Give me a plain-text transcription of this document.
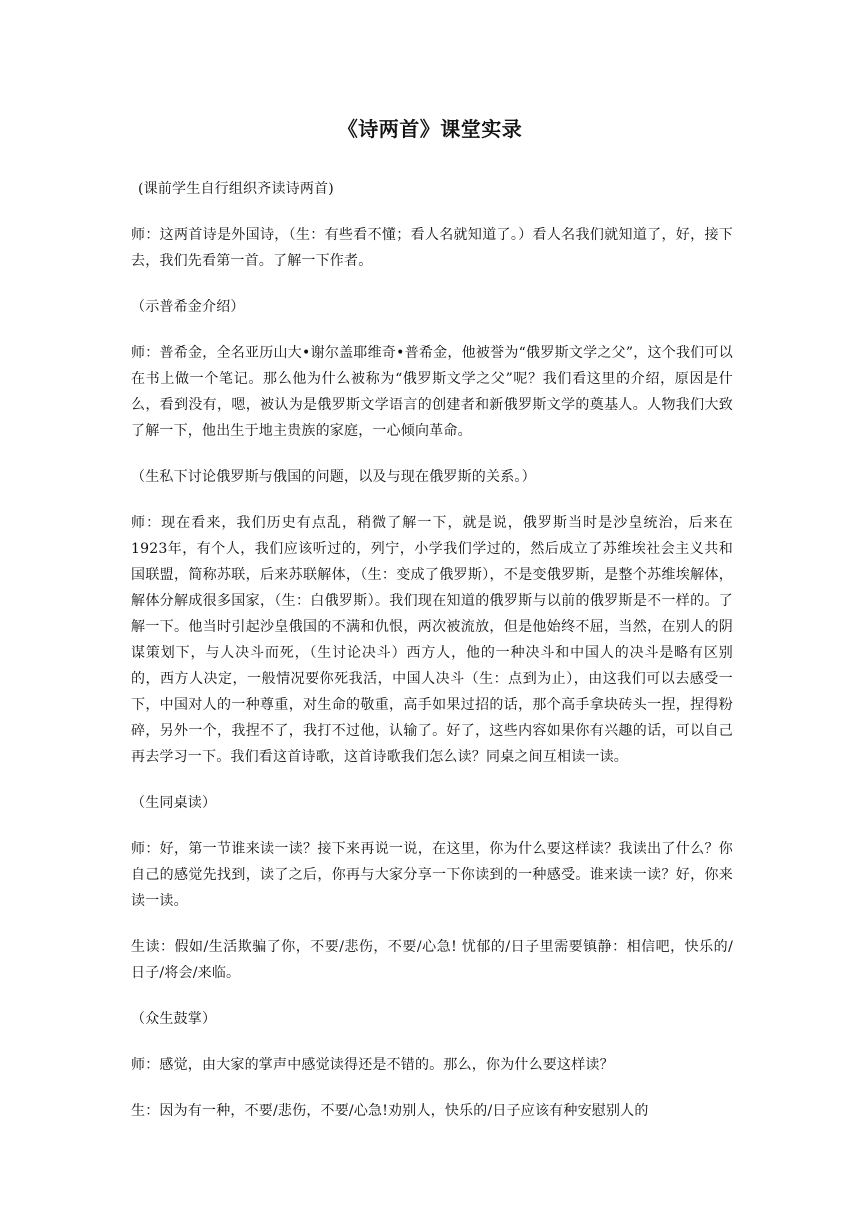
《诗两首》课堂实录

(课前学生自行组织齐读诗两首)

师：这两首诗是外国诗，（生：有些看不懂；看人名就知道了。）看人名我们就知道了，好，接下去，我们先看第一首。了解一下作者。

（示普希金介绍）

师：普希金，全名亚历山大•谢尔盖耶维奇•普希金，他被誉为“俄罗斯文学之父”，这个我们可以在书上做一个笔记。那么他为什么被称为“俄罗斯文学之父”呢？我们看这里的介绍，原因是什么，看到没有，嗯，被认为是俄罗斯文学语言的创建者和新俄罗斯文学的奠基人。人物我们大致了解一下，他出生于地主贵族的家庭，一心倾向革命。

（生私下讨论俄罗斯与俄国的问题，以及与现在俄罗斯的关系。）

师：现在看来，我们历史有点乱，稍微了解一下，就是说，俄罗斯当时是沙皇统治，后来在1923年，有个人，我们应该听过的，列宁，小学我们学过的，然后成立了苏维埃社会主义共和国联盟，简称苏联，后来苏联解体，（生：变成了俄罗斯），不是变俄罗斯，是整个苏维埃解体，解体分解成很多国家，（生：白俄罗斯）。我们现在知道的俄罗斯与以前的俄罗斯是不一样的。了解一下。他当时引起沙皇俄国的不满和仇恨，两次被流放，但是他始终不屈，当然，在别人的阴谋策划下，与人决斗而死，（生讨论决斗）西方人，他的一种决斗和中国人的决斗是略有区别的，西方人决定，一般情况要你死我活，中国人决斗（生：点到为止），由这我们可以去感受一下，中国对人的一种尊重，对生命的敬重，高手如果过招的话，那个高手拿块砖头一捏，捏得粉碎，另外一个，我捏不了，我打不过他，认输了。好了，这些内容如果你有兴趣的话，可以自己再去学习一下。我们看这首诗歌，这首诗歌我们怎么读？同桌之间互相读一读。

（生同桌读）

师：好，第一节谁来读一读？接下来再说一说，在这里，你为什么要这样读？我读出了什么？你自己的感觉先找到，读了之后，你再与大家分享一下你读到的一种感受。谁来读一读？好，你来读一读。

生读：假如/生活欺骗了你，不要/悲伤，不要/心急! 忧郁的/日子里需要镇静：相信吧，快乐的/日子/将会/来临。

（众生鼓掌）

师：感觉，由大家的掌声中感觉读得还是不错的。那么，你为什么要这样读？

生：因为有一种，不要/悲伤，不要/心急!劝别人，快乐的/日子应该有种安慰别人的
